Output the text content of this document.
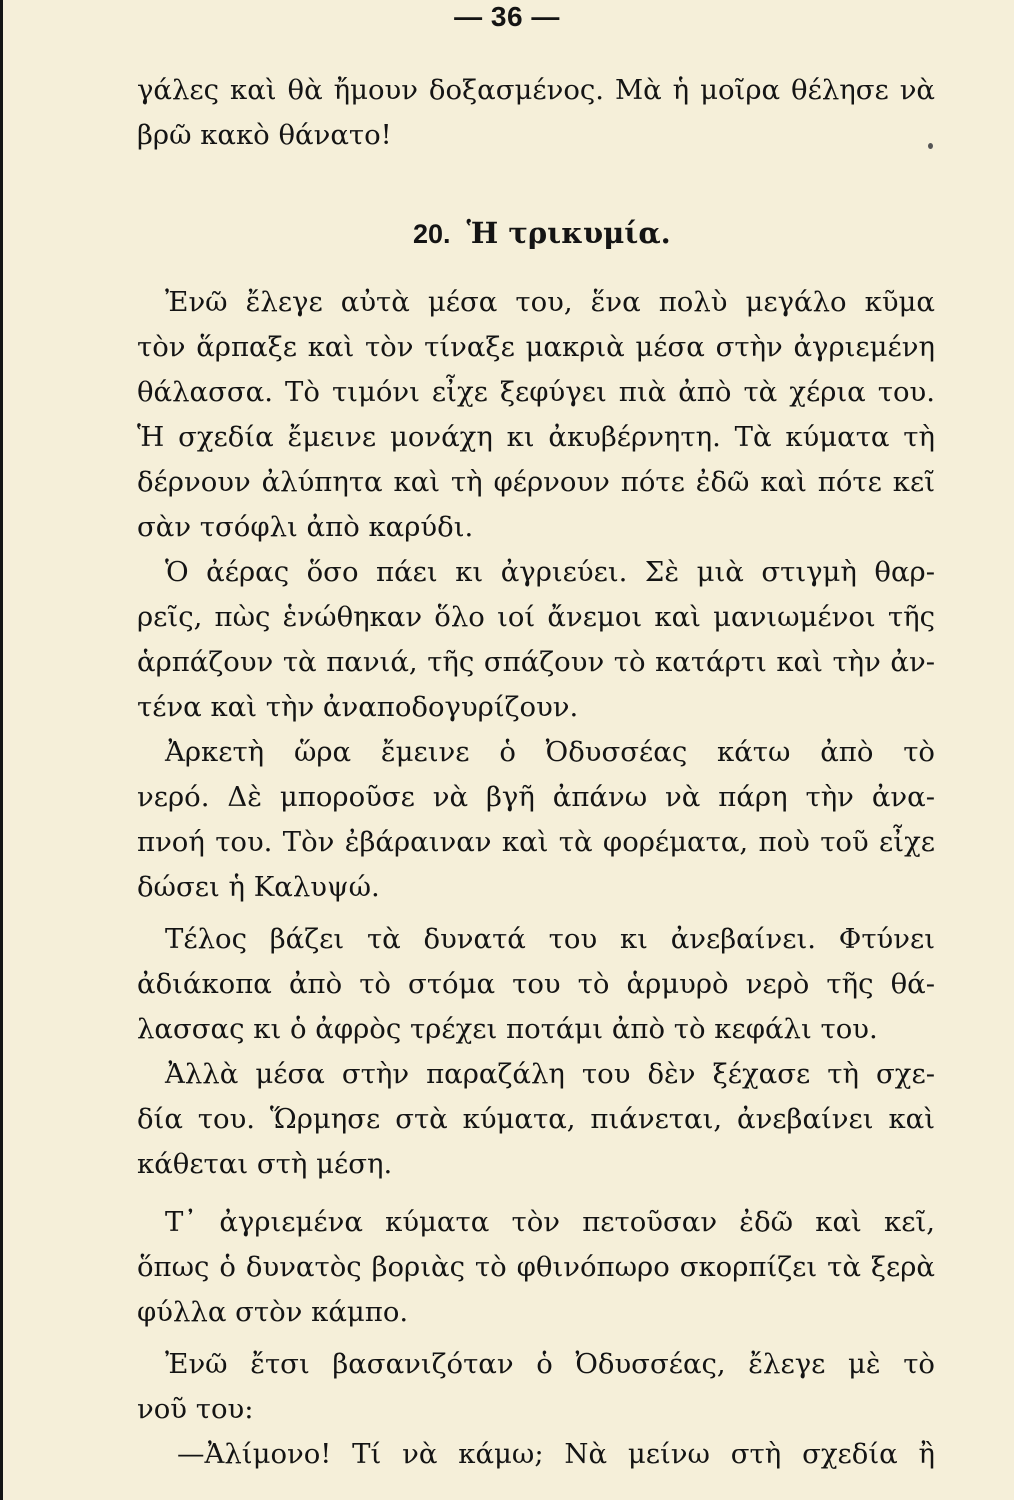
— 36 —
γάλες καὶ θὰ ἤμουν δοξασμένος. Μὰ ἡ μοῖρα θέλησε νὰ
βρῶ κακὸ θάνατο!
20. Ἡ τρικυμία.
Ἐνῶ ἔλεγε αὐτὰ μέσα του, ἕνα πολὺ μεγάλο κῦμα
τὸν ἅρπαξε καὶ τὸν τίναξε μακριὰ μέσα στὴν ἀγριεμένη
θάλασσα. Τὸ τιμόνι εἶχε ξεφύγει πιὰ ἀπὸ τὰ χέρια του.
Ἡ σχεδία ἔμεινε μονάχη κι ἀκυβέρνητη. Τὰ κύματα τὴ
δέρνουν ἀλύπητα καὶ τὴ φέρνουν πότε ἐδῶ καὶ πότε κεῖ
σὰν τσόφλι ἀπὸ καρύδι.
Ὁ ἀέρας ὅσο πάει κι ἀγριεύει. Σὲ μιὰ στιγμὴ θαρ-
ρεῖς, πὼς ἑνώθηκαν ὅλο ιοί ἄνεμοι καὶ μανιωμένοι τῆς
ἁρπάζουν τὰ πανιά, τῆς σπάζουν τὸ κατάρτι καὶ τὴν ἀν-
τένα καὶ τὴν ἀναποδογυρίζουν.
Ἀρκετὴ ὥρα ἔμεινε ὁ Ὀδυσσέας κάτω ἀπὸ τὸ
νερό. Δὲ μποροῦσε νὰ βγῆ ἀπάνω νὰ πάρη τὴν ἀνα-
πνοή του. Τὸν ἐβάραιναν καὶ τὰ φορέματα, ποὺ τοῦ εἶχε
δώσει ἡ Καλυψώ.
Τέλος βάζει τὰ δυνατά του κι ἀνεβαίνει. Φτύνει
ἀδιάκοπα ἀπὸ τὸ στόμα του τὸ ἁρμυρὸ νερὸ τῆς θά-
λασσας κι ὁ ἀφρὸς τρέχει ποτάμι ἀπὸ τὸ κεφάλι του.
Ἀλλὰ μέσα στὴν παραζάλη του δὲν ξέχασε τὴ σχε-
δία του. Ὥρμησε στὰ κύματα, πιάνεται, ἀνεβαίνει καὶ
κάθεται στὴ μέση.
Τ᾽ ἀγριεμένα κύματα τὸν πετοῦσαν ἐδῶ καὶ κεῖ,
ὅπως ὁ δυνατὸς βοριὰς τὸ φθινόπωρο σκορπίζει τὰ ξερὰ
φύλλα στὸν κάμπο.
Ἐνῶ ἔτσι βασανιζόταν ὁ Ὀδυσσέας, ἔλεγε μὲ τὸ
νοῦ του:
—Ἀλίμονο! Τί νὰ κάμω; Νὰ μείνω στὴ σχεδία ἢ
